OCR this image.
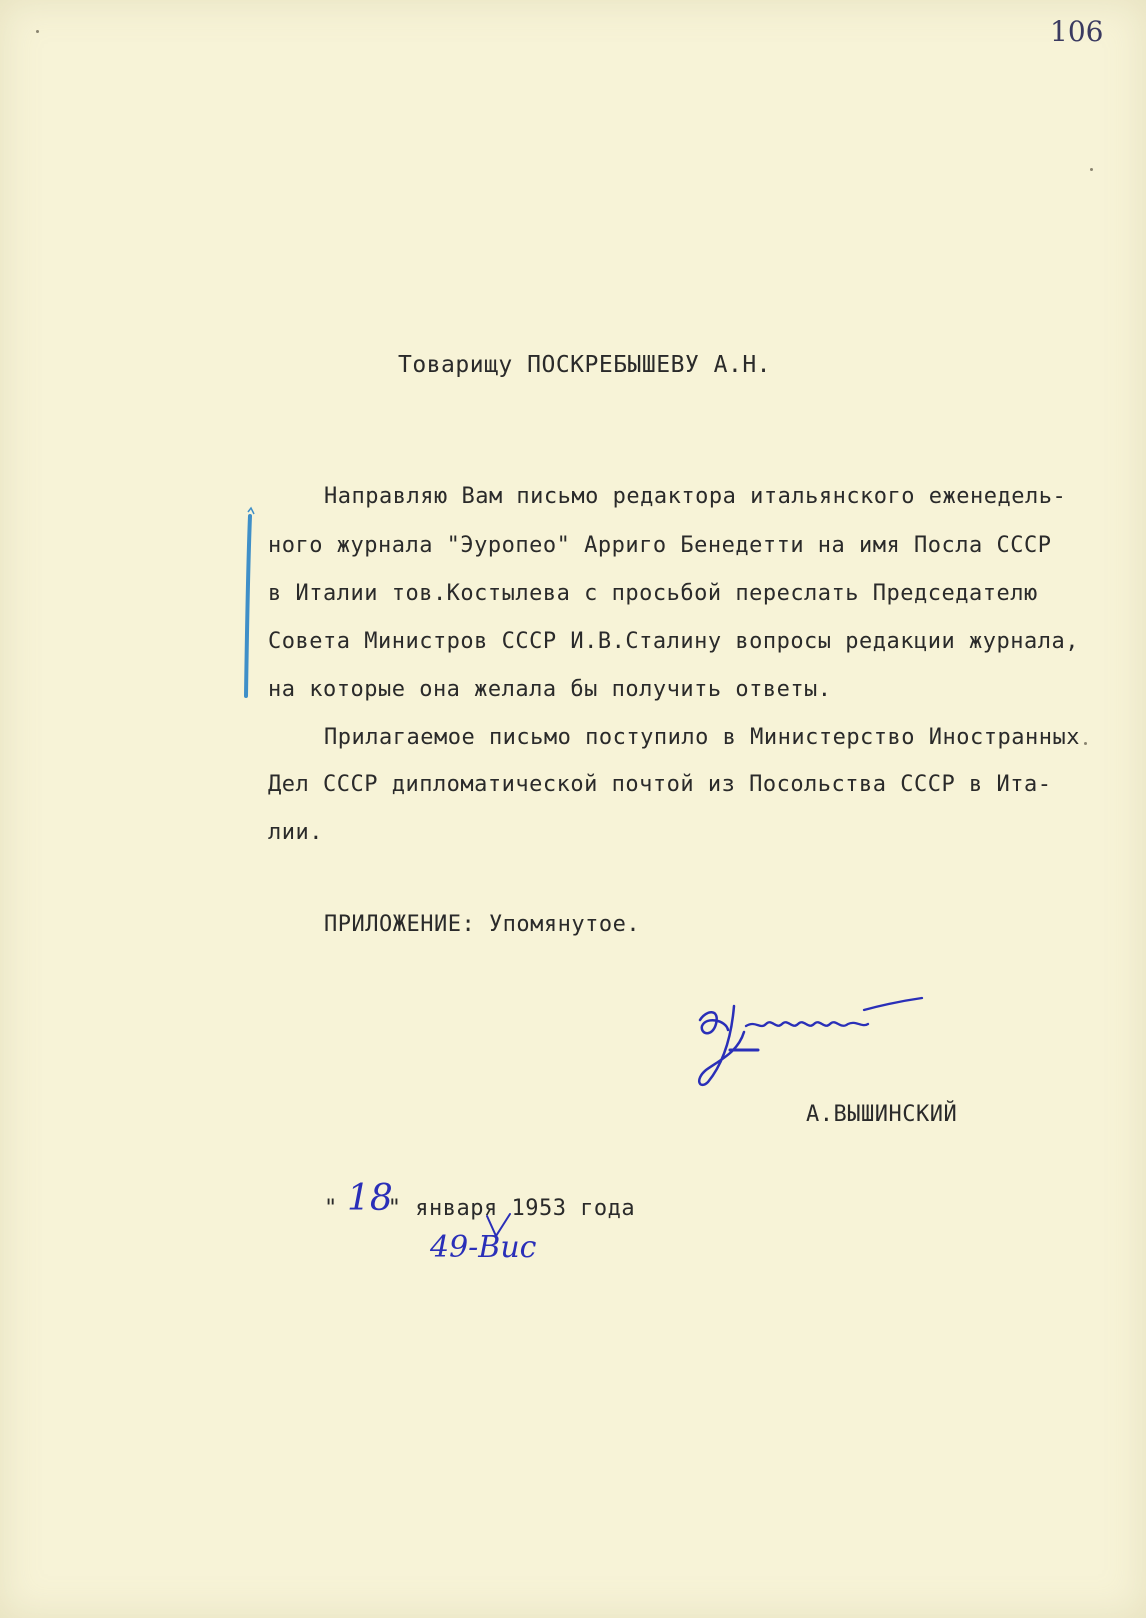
106
Товарищу ПОСКРЕБЫШЕВУ А.Н.
Направляю Вам письмо редактора итальянского еженедель-
ного журнала "Эуропео" Арриго Бенедетти на имя Посла СССР
в Италии тов.Костылева с просьбой переслать Председателю
Совета Министров СССР И.В.Сталину вопросы редакции журнала,
на которые она желала бы получить ответы.
Прилагаемое письмо поступило в Министерство Иностранных
Дел СССР дипломатической почтой из Посольства СССР в Ита-
лии.
ПРИЛОЖЕНИЕ: Упомянутое.
А.ВЫШИНСКИЙ
" " января 1953 года
18
49-Вис
